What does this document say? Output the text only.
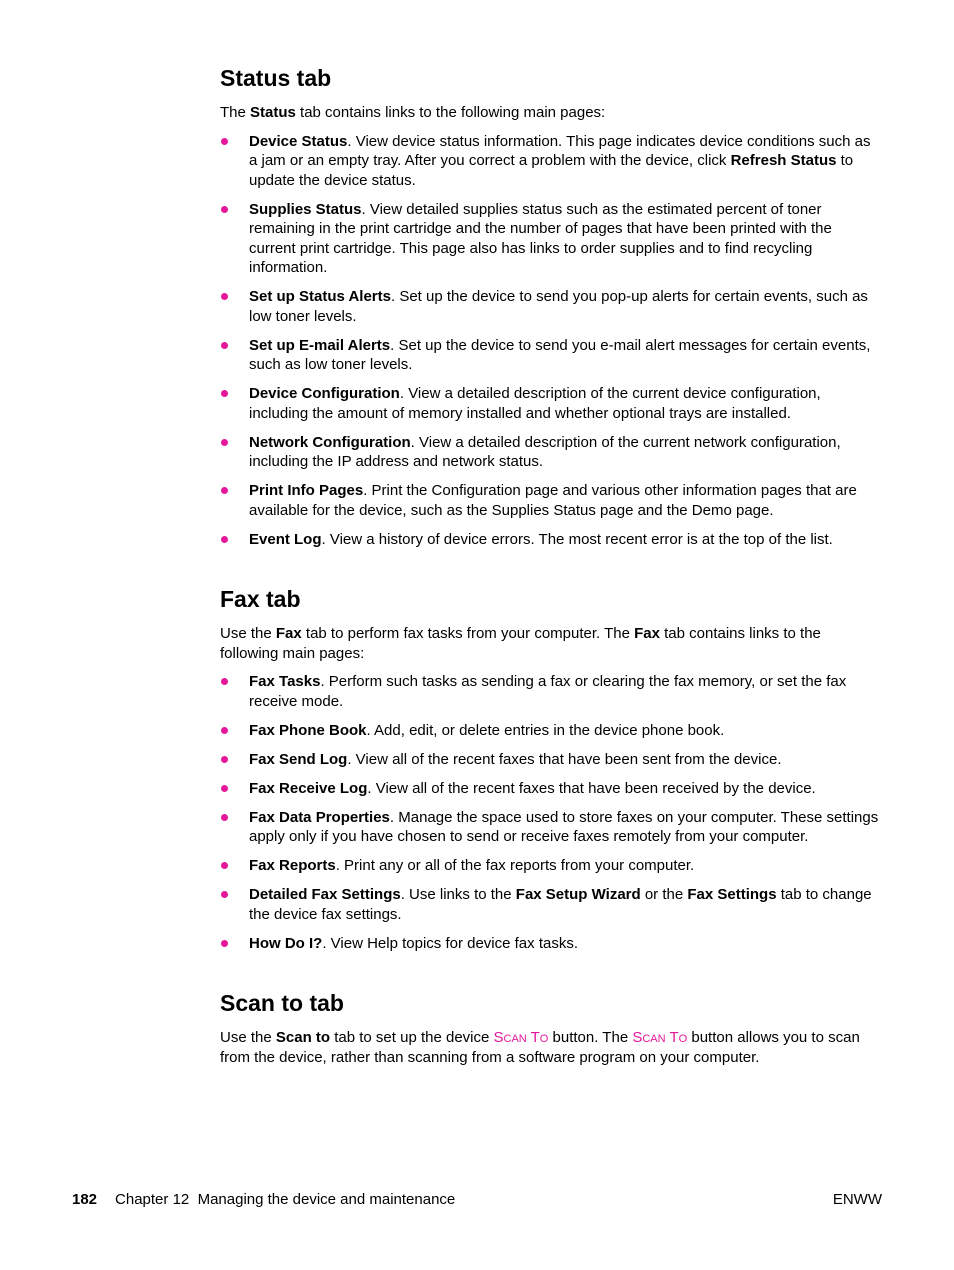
Status tab

The Status tab contains links to the following main pages:

Device Status. View device status information. This page indicates device conditions such as a jam or an empty tray. After you correct a problem with the device, click Refresh Status to update the device status.
Supplies Status. View detailed supplies status such as the estimated percent of toner remaining in the print cartridge and the number of pages that have been printed with the current print cartridge. This page also has links to order supplies and to find recycling information.
Set up Status Alerts. Set up the device to send you pop-up alerts for certain events, such as low toner levels.
Set up E-mail Alerts. Set up the device to send you e-mail alert messages for certain events, such as low toner levels.
Device Configuration. View a detailed description of the current device configuration, including the amount of memory installed and whether optional trays are installed.
Network Configuration. View a detailed description of the current network configuration, including the IP address and network status.
Print Info Pages. Print the Configuration page and various other information pages that are available for the device, such as the Supplies Status page and the Demo page.
Event Log. View a history of device errors. The most recent error is at the top of the list.
Fax tab

Use the Fax tab to perform fax tasks from your computer. The Fax tab contains links to the following main pages:

Fax Tasks. Perform such tasks as sending a fax or clearing the fax memory, or set the fax receive mode.
Fax Phone Book. Add, edit, or delete entries in the device phone book.
Fax Send Log. View all of the recent faxes that have been sent from the device.
Fax Receive Log. View all of the recent faxes that have been received by the device.
Fax Data Properties. Manage the space used to store faxes on your computer. These settings apply only if you have chosen to send or receive faxes remotely from your computer.
Fax Reports. Print any or all of the fax reports from your computer.
Detailed Fax Settings. Use links to the Fax Setup Wizard or the Fax Settings tab to change the device fax settings.
How Do I?. View Help topics for device fax tasks.
Scan to tab

Use the Scan to tab to set up the device Scan To button. The Scan To button allows you to scan from the device, rather than scanning from a software program on your computer.

182 Chapter 12  Managing the device and maintenance	ENWW
